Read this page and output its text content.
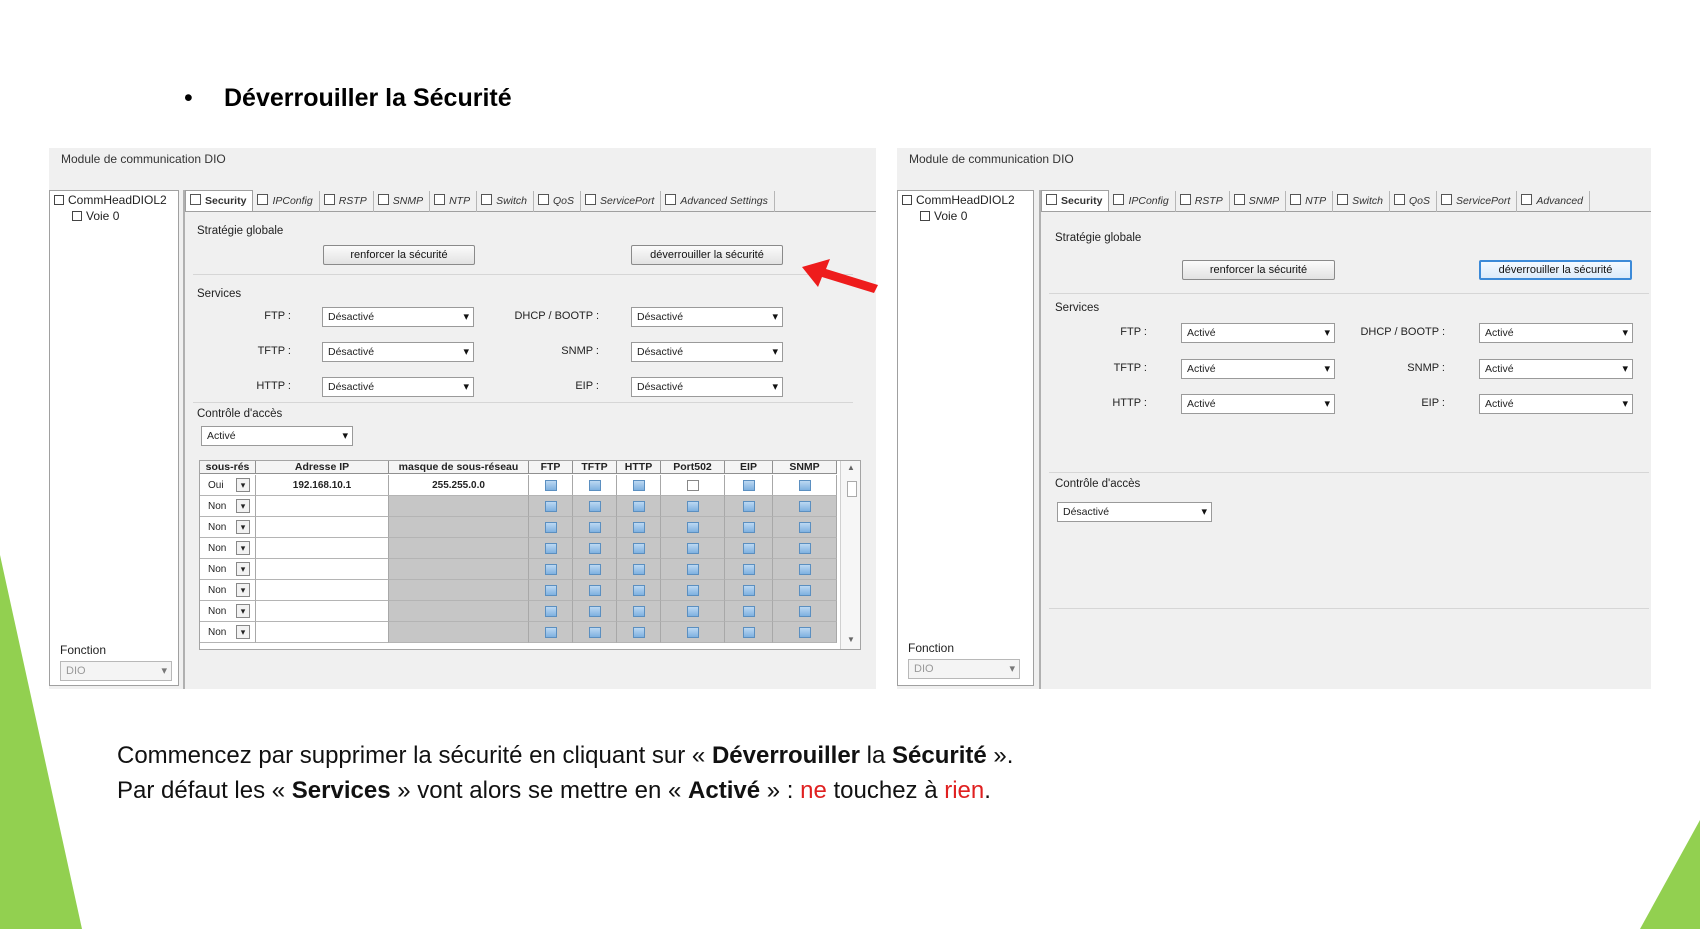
• Déverrouiller la Sécurité
Module de communication DIO
CommHeadDIOL2
Voie 0
Fonction
DIO ▾
Security IPConfig RSTP SNMP NTP Switch QoS ServicePort Advanced Settings
Stratégie globale
renforcer la sécurité	déverrouiller la sécurité
Services
FTP :	Désactivé ▾
TFTP :	Désactivé ▾
HTTP :	Désactivé ▾
DHCP / BOOTP :	Désactivé ▾
SNMP :	Désactivé ▾
EIP :	Désactivé ▾
Contrôle d'accès
Activé ▾
sous-rés	Adresse IP	masque de sous-réseau	FTP	TFTP	HTTP	Port502	EIP	SNMP
Oui	▾	192.168.10.1	255.255.0.0
Non	▾
Non	▾
Non	▾
Non	▾
Non	▾
Non	▾
Non	▾
▲
▼
Module de communication DIO
CommHeadDIOL2
Voie 0
Fonction
DIO ▾
Security IPConfig RSTP SNMP NTP Switch QoS ServicePort Advanced
Stratégie globale
renforcer la sécurité	déverrouiller la sécurité
Services
FTP :	Activé ▾
TFTP :	Activé ▾
HTTP :	Activé ▾
DHCP / BOOTP :	Activé ▾
SNMP :	Activé ▾
EIP :	Activé ▾
Contrôle d'accès
Désactivé ▾
Commencez par supprimer la sécurité en cliquant sur « Déverrouiller la Sécurité ».
Par défaut les « Services » vont alors se mettre en « Activé » : ne touchez à rien.
